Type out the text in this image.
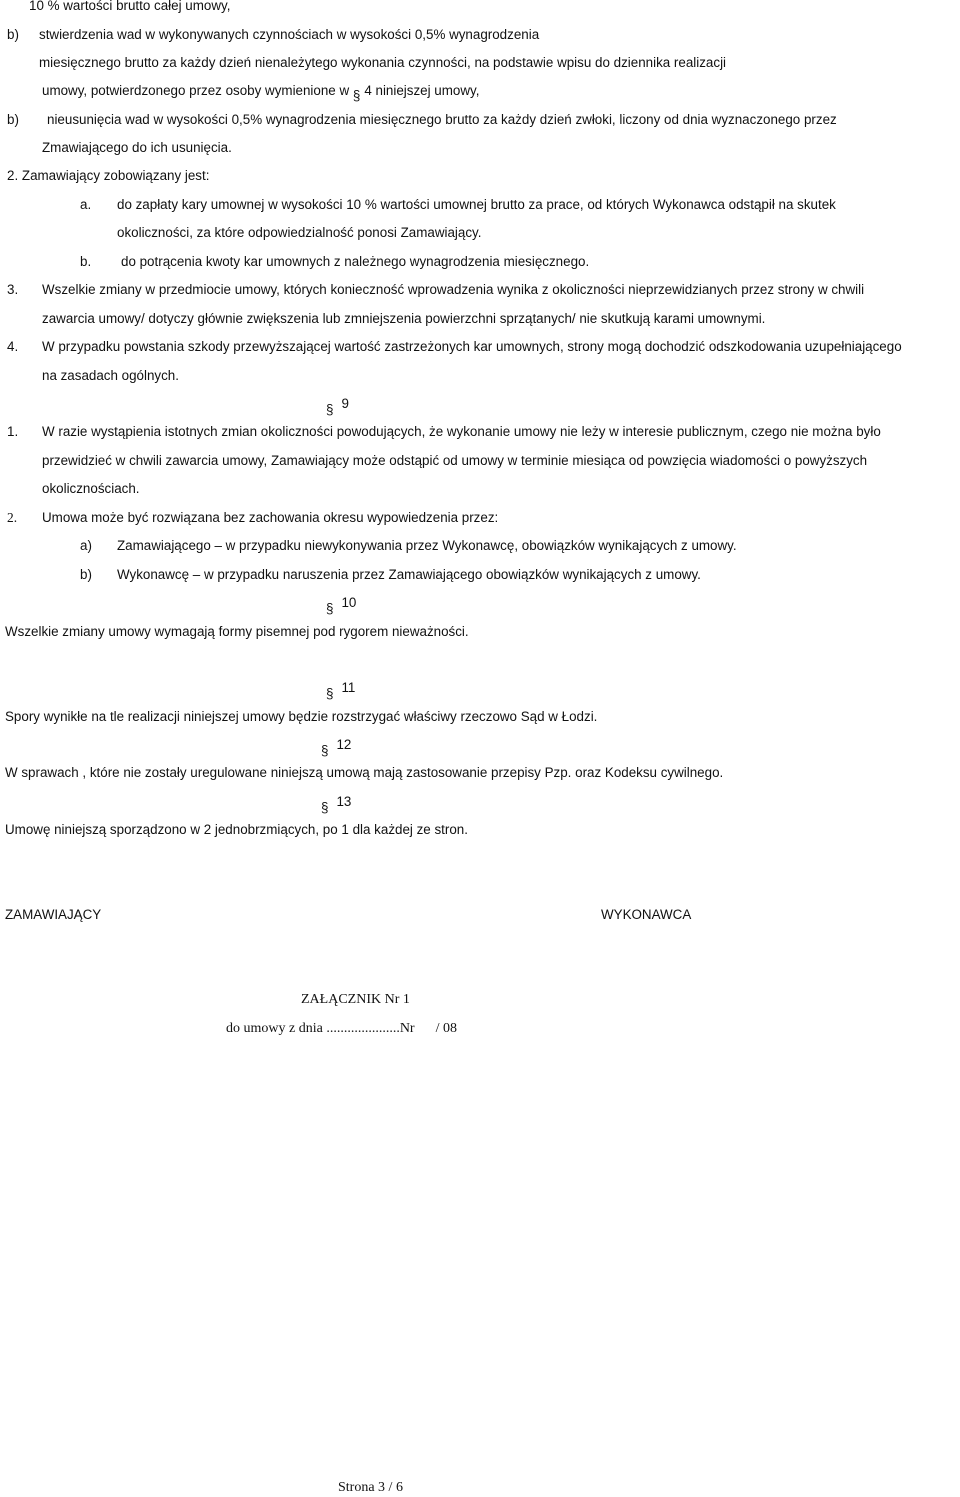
10 % wartości brutto całej umowy,
b) stwierdzenia wad w wykonywanych czynnościach w wysokości 0,5% wynagrodzenia
miesięcznego brutto za każdy dzień nienależytego wykonania czynności, na podstawie wpisu do dziennika realizacji
umowy, potwierdzonego przez osoby wymienione w § 4 niniejszej umowy,
b) nieusunięcia wad w wysokości 0,5% wynagrodzenia miesięcznego brutto za każdy dzień zwłoki, liczony od dnia wyznaczonego przez
Zmawiającego do ich usunięcia.
2. Zamawiający zobowiązany jest:
a. do zapłaty kary umownej w wysokości 10 % wartości umownej brutto za prace, od których Wykonawca odstąpił na skutek
okoliczności, za które odpowiedzialność ponosi Zamawiający.
b. do potrącenia kwoty kar umownych z należnego wynagrodzenia miesięcznego.
3. Wszelkie zmiany w przedmiocie umowy, których konieczność wprowadzenia wynika z okoliczności nieprzewidzianych przez strony w chwili
zawarcia umowy/ dotyczy głównie zwiększenia lub zmniejszenia powierzchni sprzątanych/ nie skutkują karami umownymi.
4. W przypadku powstania szkody przewyższającej wartość zastrzeżonych kar umownych, strony mogą dochodzić odszkodowania uzupełniającego
na zasadach ogólnych.
§ 9
1. W razie wystąpienia istotnych zmian okoliczności powodujących, że wykonanie umowy nie leży w interesie publicznym, czego nie można było
przewidzieć w chwili zawarcia umowy, Zamawiający może odstąpić od umowy w terminie miesiąca od powzięcia wiadomości o powyższych
okolicznościach.
2. Umowa może być rozwiązana bez zachowania okresu wypowiedzenia przez:
a) Zamawiającego – w przypadku niewykonywania przez Wykonawcę, obowiązków wynikających z umowy.
b) Wykonawcę – w przypadku naruszenia przez Zamawiającego obowiązków wynikających z umowy.
§ 10
Wszelkie zmiany umowy wymagają formy pisemnej pod rygorem nieważności.
§ 11
Spory wynikłe na tle realizacji niniejszej umowy będzie rozstrzygać właściwy rzeczowo Sąd w Łodzi.
§ 12
W sprawach , które nie zostały uregulowane niniejszą umową mają zastosowanie przepisy Pzp. oraz Kodeksu cywilnego.
§ 13
Umowę niniejszą sporządzono w 2 jednobrzmiących, po 1 dla każdej ze stron.
ZAMAWIAJĄCY	WYKONAWCA
ZAŁĄCZNIK Nr 1
do umowy z dnia .....................Nr      / 08
Strona 3 / 6
